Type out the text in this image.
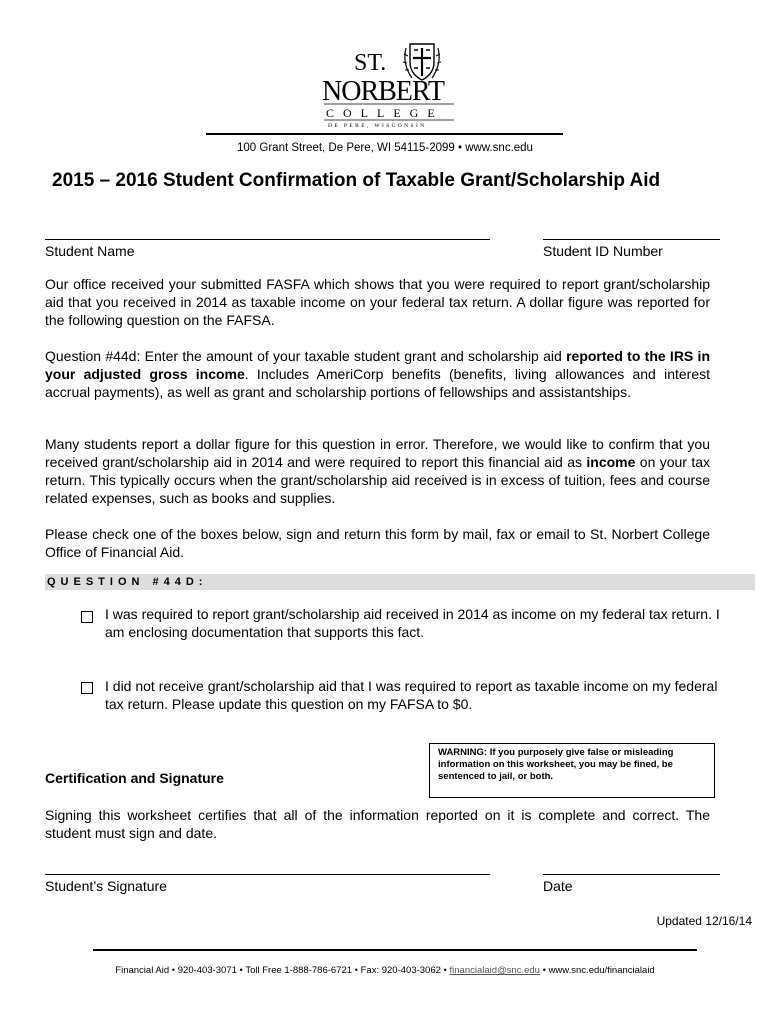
ST.
NORBERT
COLLEGE
DE PERE, WISCONSIN
100 Grant Street, De Pere, WI 54115-2099 • www.snc.edu
2015 – 2016 Student Confirmation of Taxable Grant/Scholarship Aid
Student Name	Student ID Number
Our office received your submitted FASFA which shows that you were required to report grant/scholarship aid that you received in 2014 as taxable income on your federal tax return. A dollar figure was reported for the following question on the FAFSA.
Question #44d: Enter the amount of your taxable student grant and scholarship aid reported to the IRS in your adjusted gross income. Includes AmeriCorp benefits (benefits, living allowances and interest accrual payments), as well as grant and scholarship portions of fellowships and assistantships.
Many students report a dollar figure for this question in error. Therefore, we would like to confirm that you received grant/scholarship aid in 2014 and were required to report this financial aid as income on your tax return. This typically occurs when the grant/scholarship aid received is in excess of tuition, fees and course related expenses, such as books and supplies.
Please check one of the boxes below, sign and return this form by mail, fax or email to St. Norbert College Office of Financial Aid.
QUESTION #44D:
I was required to report grant/scholarship aid received in 2014 as income on my federal tax return. I am enclosing documentation that supports this fact.
I did not receive grant/scholarship aid that I was required to report as taxable income on my federal tax return. Please update this question on my FAFSA to $0.
WARNING: If you purposely give false or misleading information on this worksheet, you may be fined, be sentenced to jail, or both.
Certification and Signature
Signing this worksheet certifies that all of the information reported on it is complete and correct. The student must sign and date.
Student’s Signature	Date
Updated 12/16/14
Financial Aid • 920-403-3071 • Toll Free 1-888-786-6721 • Fax: 920-403-3062 • financialaid@snc.edu • www.snc.edu/financialaid
